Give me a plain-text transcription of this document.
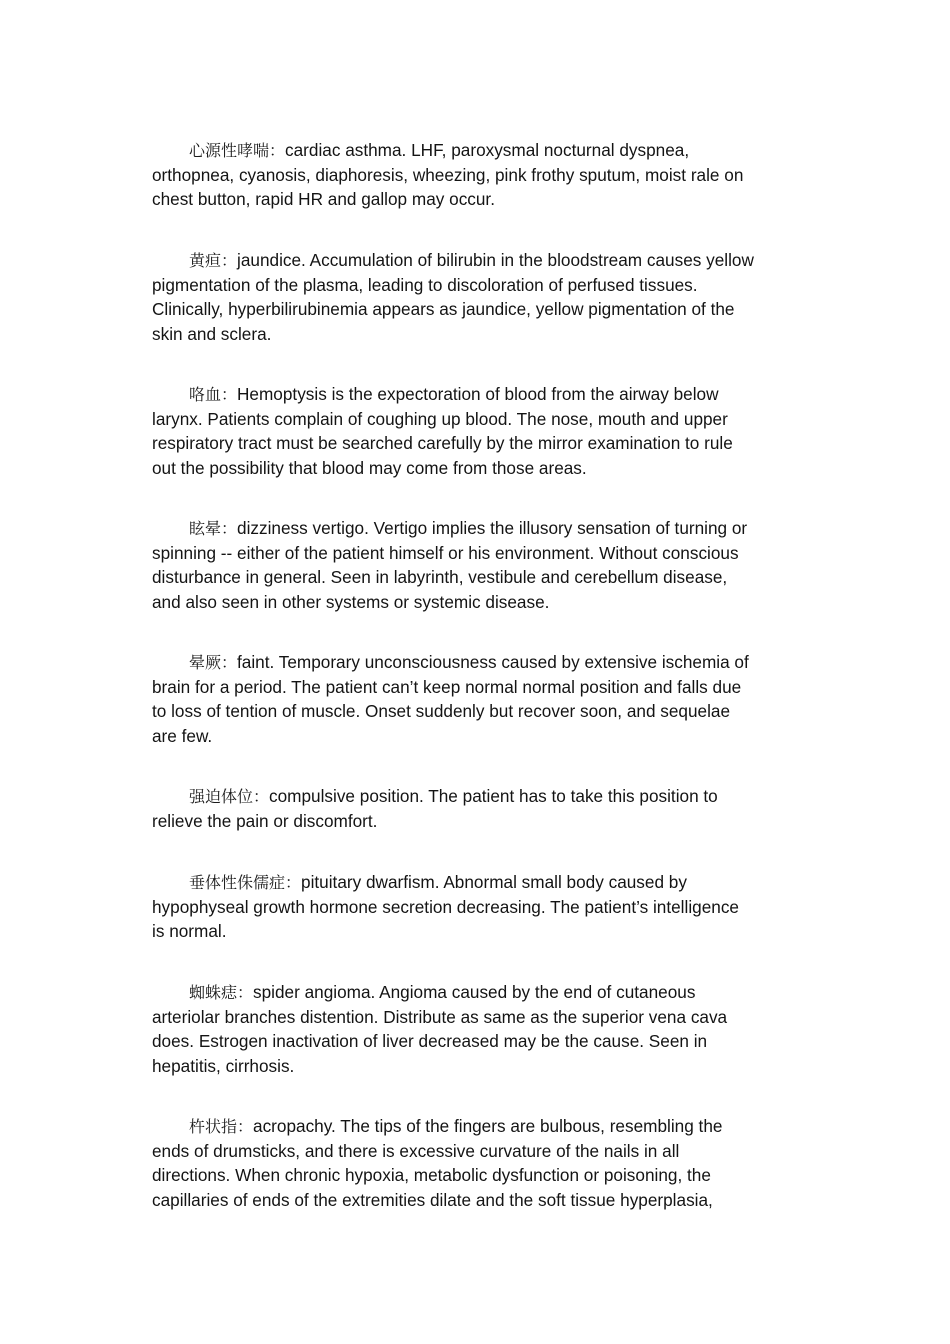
心源性哮喘：cardiac asthma. LHF, paroxysmal nocturnal dyspnea,
orthopnea, cyanosis, diaphoresis, wheezing, pink frothy sputum, moist rale on
chest button, rapid HR and gallop may occur.

黄疸：jaundice. Accumulation of bilirubin in the bloodstream causes yellow
pigmentation of the plasma, leading to discoloration of perfused tissues.
Clinically, hyperbilirubinemia appears as jaundice, yellow pigmentation of the
skin and sclera.

咯血：Hemoptysis is the expectoration of blood from the airway below
larynx. Patients complain of coughing up blood. The nose, mouth and upper
respiratory tract must be searched carefully by the mirror examination to rule
out the possibility that blood may come from those areas.

眩晕：dizziness vertigo. Vertigo implies the illusory sensation of turning or
spinning -- either of the patient himself or his environment. Without conscious
disturbance in general. Seen in labyrinth, vestibule and cerebellum disease,
and also seen in other systems or systemic disease.

晕厥：faint. Temporary unconsciousness caused by extensive ischemia of
brain for a period. The patient can’t keep normal normal position and falls due
to loss of tention of muscle. Onset suddenly but recover soon, and sequelae
are few.

强迫体位：compulsive position. The patient has to take this position to
relieve the pain or discomfort.

垂体性侏儒症：pituitary dwarfism. Abnormal small body caused by
hypophyseal growth hormone secretion decreasing. The patient’s intelligence
is normal.

蜘蛛痣：spider angioma. Angioma caused by the end of cutaneous
arteriolar branches distention. Distribute as same as the superior vena cava
does. Estrogen inactivation of liver decreased may be the cause. Seen in
hepatitis, cirrhosis.

杵状指：acropachy. The tips of the fingers are bulbous, resembling the
ends of drumsticks, and there is excessive curvature of the nails in all
directions. When chronic hypoxia, metabolic dysfunction or poisoning, the
capillaries of ends of the extremities dilate and the soft tissue hyperplasia,
